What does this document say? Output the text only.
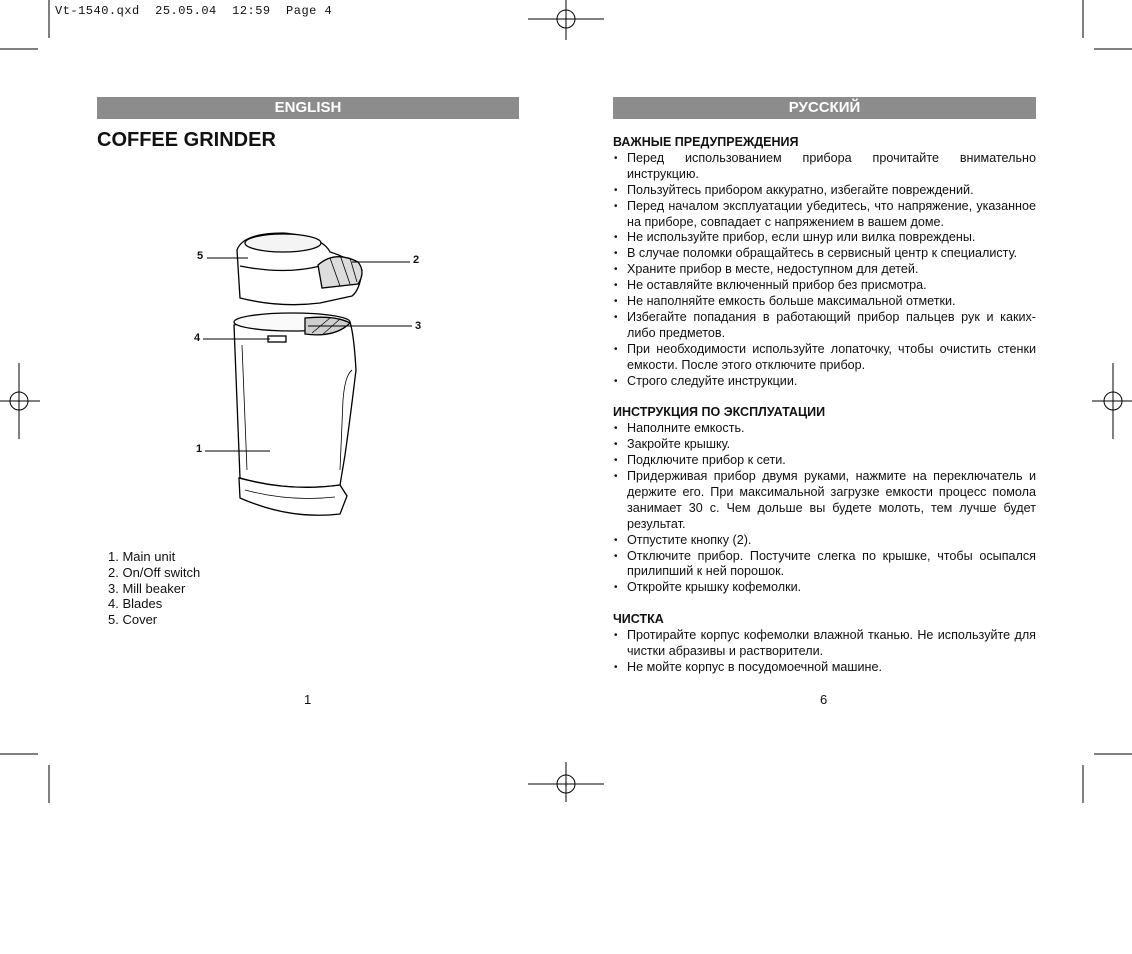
Vt-1540.qxd  25.05.04  12:59  Page 4
ENGLISH
COFFEE GRINDER
5	2
4
3
1
1. Main unit
2. On/Off switch
3. Mill beaker
4. Blades
5. Cover
1
РУССКИЙ
ВАЖНЫЕ ПРЕДУПРЕЖДЕНИЯ
• Перед использованием прибора прочитайте внимательно инструкцию.
• Пользуйтесь прибором аккуратно, избегайте повреждений.
• Перед началом эксплуатации убедитесь, что напряжение, указанное на приборе, совпадает с напряжением в вашем доме.
• Не используйте прибор, если шнур или вилка повреждены.
• В случае поломки обращайтесь в сервисный центр к специалисту.
• Храните прибор в месте, недоступном для детей.
• Не оставляйте включенный прибор без присмотра.
• Не наполняйте емкость больше максимальной отметки.
• Избегайте попадания в работающий прибор пальцев рук и каких-либо предметов.
• При необходимости используйте лопаточку, чтобы очистить стенки емкости. После этого отключите прибор.
• Строго следуйте инструкции.
ИНСТРУКЦИЯ ПО ЭКСПЛУАТАЦИИ
• Наполните емкость.
• Закройте крышку.
• Подключите прибор к сети.
• Придерживая прибор двумя руками, нажмите на переключатель и держите его. При максимальной загрузке емкости процесс помола занимает 30 с. Чем дольше вы будете молоть, тем лучше будет результат.
• Отпустите кнопку (2).
• Отключите прибор. Постучите слегка по крышке, чтобы осыпался прилипший к ней порошок.
• Откройте крышку кофемолки.
ЧИСТКА
• Протирайте корпус кофемолки влажной тканью. Не используйте для чистки абразивы и растворители.
• Не мойте корпус в посудомоечной машине.
6
